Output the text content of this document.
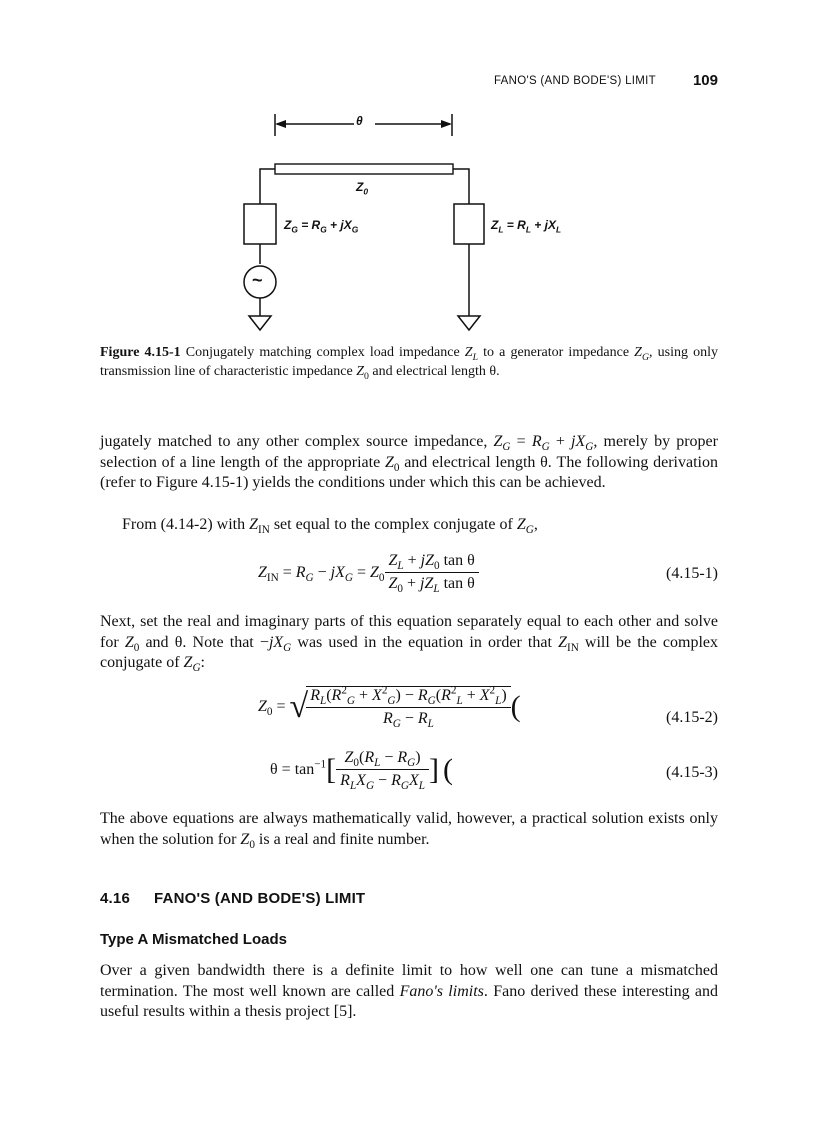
FANO'S (AND BODE'S) LIMIT 109
θ
$Z_0$
$Z_G = R_G + jX_G$	$Z_L = R_L + jX_L$
~
Figure 4.15-1 Conjugately matching complex load impedance $Z_L$ to a generator impedance $Z_G$, using only transmission line of characteristic impedance $Z_0$ and electrical length θ.
jugately matched to any other complex source impedance, $Z_G = R_G + jX_G$, merely by proper selection of a line length of the appropriate $Z_0$ and electrical length θ. The following derivation (refer to Figure 4.15-1) yields the conditions under which this can be achieved.
From (4.14-2) with $Z_{IN}$ set equal to the complex conjugate of $Z_G$,
$Z_{IN} = R_G - jX_G = Z_0 \frac{Z_L + jZ_0 \tan \theta}{Z_0 + jZ_L \tan \theta}$	(4.15-1)
Next, set the real and imaginary parts of this equation separately equal to each other and solve for $Z_0$ and θ. Note that $-jX_G$ was used in the equation in order that $Z_{IN}$ will be the complex conjugate of $Z_G$:
$Z_0$ = √
$\frac{R_L(R^2_G + X^2_G) - R_G(R^2_L + X^2_L)}{R_G - R_L}$ (	(4.15-2)
$\theta = \tan^{-1}[ \frac{Z_0(R_L - R_G)}{R_LX_G - R_GX_L}$ ] (	(4.15-3)
The above equations are always mathematically valid, however, a practical solution exists only when the solution for $Z_0$ is a real and finite number.
4.16 FANO'S (AND BODE'S) LIMIT
Type A Mismatched Loads
Over a given bandwidth there is a definite limit to how well one can tune a mismatched termination. The most well known are called Fano's limits. Fano derived these interesting and useful results within a thesis project [5].
